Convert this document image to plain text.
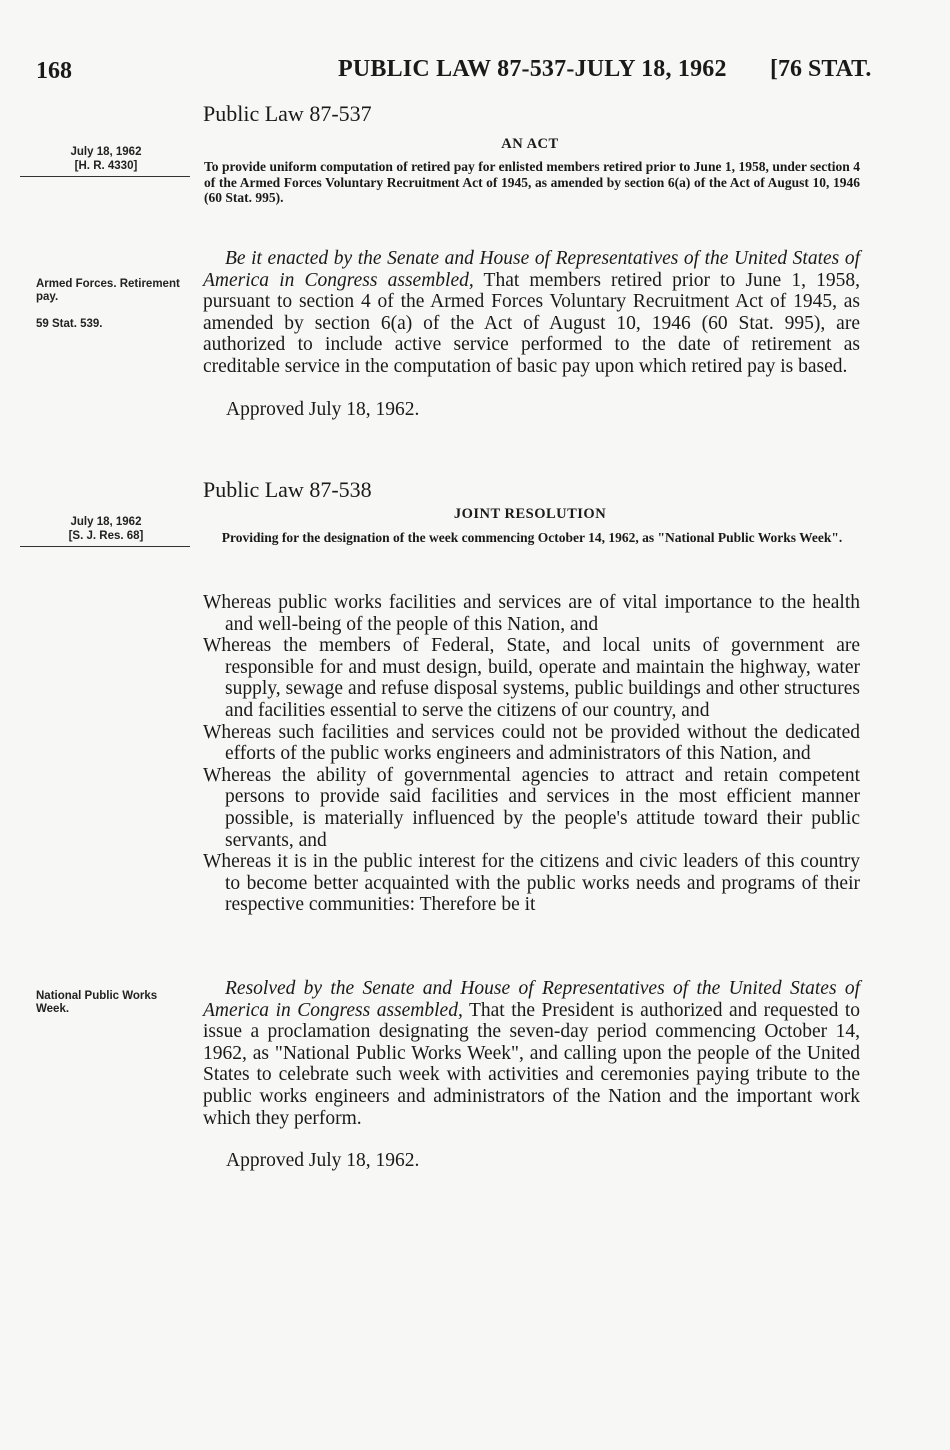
168	PUBLIC LAW 87-537-JULY 18, 1962 [76 STAT.
Public Law 87-537
July 18, 1962
[H. R. 4330]
AN ACT
To provide uniform computation of retired pay for enlisted members retired prior to June 1, 1958, under section 4 of the Armed Forces Voluntary Recruitment Act of 1945, as amended by section 6(a) of the Act of August 10, 1946 (60 Stat. 995).
Armed Forces. Retirement pay.
59 Stat. 539.

Be it enacted by the Senate and House of Representatives of the United States of America in Congress assembled, That members retired prior to June 1, 1958, pursuant to section 4 of the Armed Forces Voluntary Recruitment Act of 1945, as amended by section 6(a) of the Act of August 10, 1946 (60 Stat. 995), are authorized to include active service performed to the date of retirement as creditable service in the computation of basic pay upon which retired pay is based.

Approved July 18, 1962.
Public Law 87-538
July 18, 1962
[S. J. Res. 68]
JOINT RESOLUTION
Providing for the designation of the week commencing October 14, 1962, as "National Public Works Week".

Whereas public works facilities and services are of vital importance to the health and well-being of the people of this Nation, and

Whereas the members of Federal, State, and local units of government are responsible for and must design, build, operate and maintain the highway, water supply, sewage and refuse disposal systems, public buildings and other structures and facilities essential to serve the citizens of our country, and

Whereas such facilities and services could not be provided without the dedicated efforts of the public works engineers and administrators of this Nation, and

Whereas the ability of governmental agencies to attract and retain competent persons to provide said facilities and services in the most efficient manner possible, is materially influenced by the people's attitude toward their public servants, and

Whereas it is in the public interest for the citizens and civic leaders of this country to become better acquainted with the public works needs and programs of their respective communities: Therefore be it

National Public Works Week.

Resolved by the Senate and House of Representatives of the United States of America in Congress assembled, That the President is authorized and requested to issue a proclamation designating the seven-day period commencing October 14, 1962, as "National Public Works Week", and calling upon the people of the United States to celebrate such week with activities and ceremonies paying tribute to the public works engineers and administrators of the Nation and the important work which they perform.

Approved July 18, 1962.
